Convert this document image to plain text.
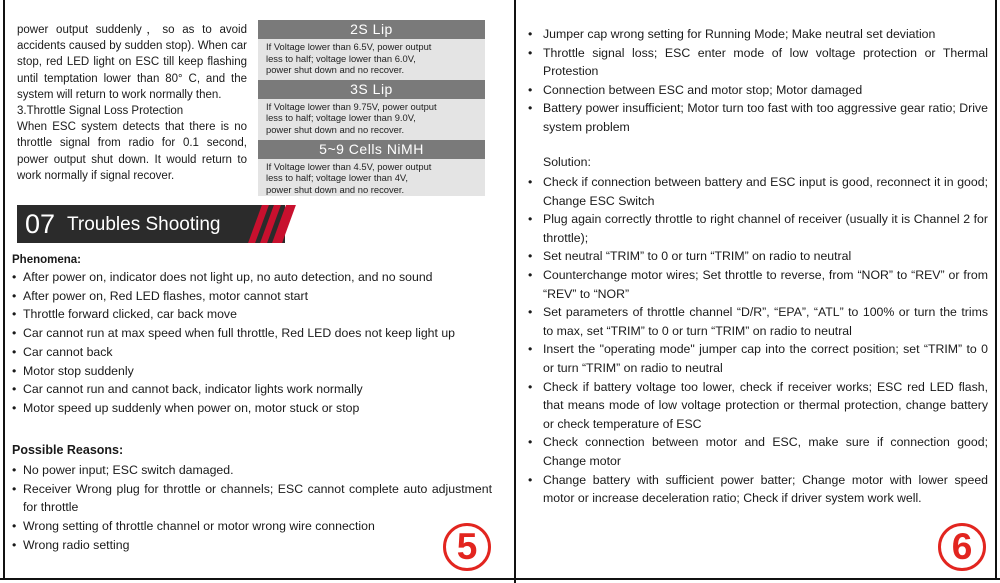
power output suddenly，so as to avoid accidents caused by sudden stop). When car stop, red LED light on ESC till keep flashing until temptation lower than 80° C, and the system will return to work normally then.

3.Throttle Signal Loss Protection

When ESC system detects that there is no throttle signal from radio for 0.1 second, power output shut down. It would return to work normally if signal recover.

2S Lip
If Voltage lower than 6.5V, power output
less to half; voltage lower than 6.0V,
power shut down and no recover.
3S Lip
If Voltage lower than 9.75V, power output
less to half; voltage lower than 9.0V,
power shut down and no recover.
5~9 Cells NiMH
If Voltage lower than 4.5V, power output
less to half; voltage lower than 4V,
power shut down and no recover.
07 Troubles Shooting
Phenomena:
• After power on, indicator does not light up, no auto detection, and no sound
• After power on, Red LED flashes, motor cannot start
• Throttle forward clicked, car back move
• Car cannot run at max speed when full throttle, Red LED does not keep light up
• Car cannot back
• Motor stop suddenly
• Car cannot run and cannot back, indicator lights work normally
• Motor speed up suddenly when power on, motor stuck or stop
Possible Reasons:
• No power input; ESC switch damaged.
• Receiver Wrong plug for throttle or channels; ESC cannot complete auto adjustment for throttle
• Wrong setting of throttle channel or motor wrong wire connection
• Wrong radio setting	5
• Jumper cap wrong setting for Running Mode; Make neutral set deviation
• Throttle signal loss; ESC enter mode of low voltage protection or Thermal Protestion
• Connection between ESC and motor stop; Motor damaged
• Battery power insufficient; Motor turn too fast with too aggressive gear ratio; Drive system problem
Solution:
• Check if connection between battery and ESC input is good, reconnect it in good; Change ESC Switch
• Plug again correctly throttle to right channel of receiver (usually it is Channel 2 for throttle);
• Set neutral “TRIM” to 0 or turn “TRIM” on radio to neutral
• Counterchange motor wires; Set throttle to reverse, from “NOR” to “REV” or from “REV” to “NOR”
• Set parameters of throttle channel “D/R”, “EPA”, “ATL” to 100% or turn the trims to max, set “TRIM” to 0 or turn “TRIM” on radio to neutral
• Insert the "operating mode" jumper cap into the correct position; set “TRIM” to 0 or turn “TRIM” on radio to neutral
• Check if battery voltage too lower, check if receiver works; ESC red LED flash, that means mode of low voltage protection or thermal protection, change battery or check temperature of ESC
• Check connection between motor and ESC, make sure if connection good; Change motor
• Change battery with sufficient power batter; Change motor with lower speed motor or increase deceleration ratio; Check if driver system work well.
6
